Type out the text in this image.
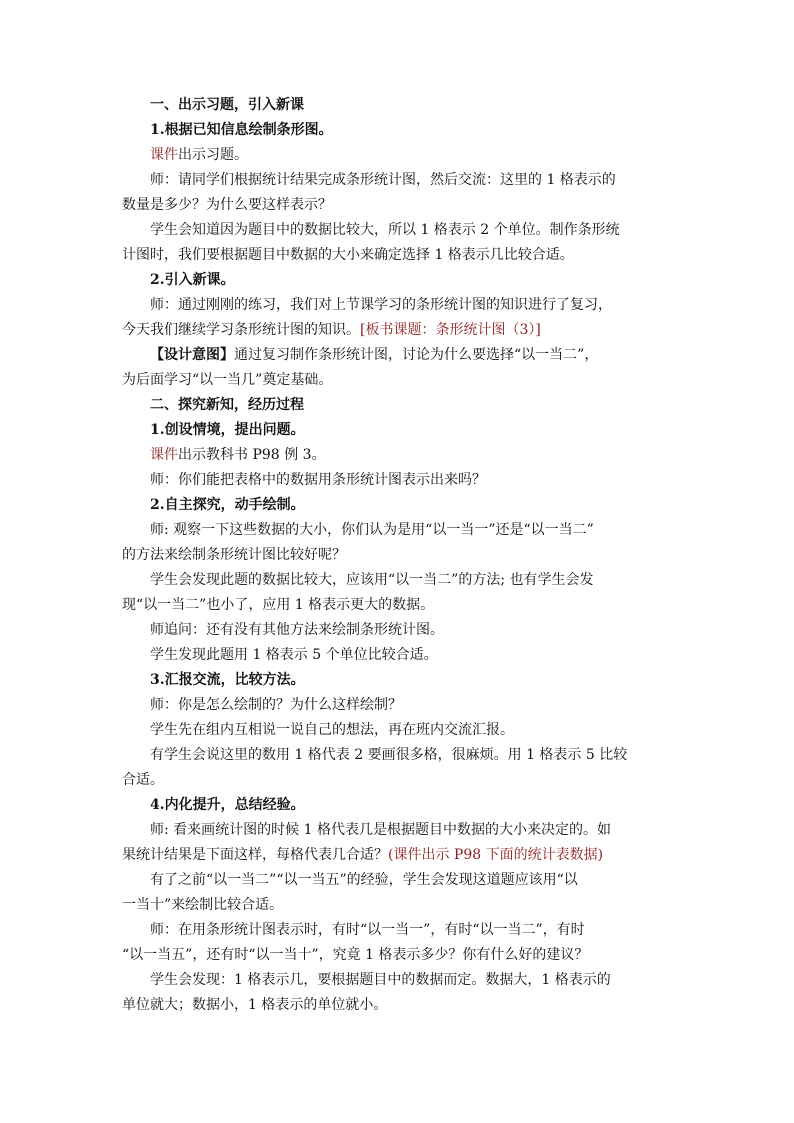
一、出示习题，引入新课
1.根据已知信息绘制条形图。
课件出示习题。
师：请同学们根据统计结果完成条形统计图，然后交流：这里的 1 格表示的
数量是多少？为什么要这样表示？
学生会知道因为题目中的数据比较大，所以 1 格表示 2 个单位。制作条形统
计图时，我们要根据题目中数据的大小来确定选择 1 格表示几比较合适。
2.引入新课。
师：通过刚刚的练习，我们对上节课学习的条形统计图的知识进行了复习，
今天我们继续学习条形统计图的知识。[板书课题：条形统计图（3）]
【设计意图】通过复习制作条形统计图，讨论为什么要选择“以一当二”，
为后面学习“以一当几”奠定基础。
二、探究新知，经历过程
1.创设情境，提出问题。
课件出示教科书 P98 例 3。
师：你们能把表格中的数据用条形统计图表示出来吗？
2.自主探究，动手绘制。
师: 观察一下这些数据的大小，你们认为是用“以一当一”还是“以一当二”
的方法来绘制条形统计图比较好呢？
学生会发现此题的数据比较大，应该用“以一当二”的方法; 也有学生会发
现“以一当二”也小了，应用 1 格表示更大的数据。
师追问：还有没有其他方法来绘制条形统计图。
学生发现此题用 1 格表示 5 个单位比较合适。
3.汇报交流，比较方法。
师：你是怎么绘制的？为什么这样绘制？
学生先在组内互相说一说自己的想法，再在班内交流汇报。
有学生会说这里的数用 1 格代表 2 要画很多格，很麻烦。用 1 格表示 5 比较
合适。
4.内化提升，总结经验。
师: 看来画统计图的时候 1 格代表几是根据题目中数据的大小来决定的。如
果统计结果是下面这样，每格代表几合适？(课件出示 P98 下面的统计表数据)
有了之前“以一当二”“以一当五”的经验，学生会发现这道题应该用“以
一当十”来绘制比较合适。
师：在用条形统计图表示时，有时“以一当一”，有时“以一当二”，有时
“以一当五”，还有时“以一当十”，究竟 1 格表示多少？你有什么好的建议？
学生会发现：1 格表示几，要根据题目中的数据而定。数据大，1 格表示的
单位就大；数据小，1 格表示的单位就小。
